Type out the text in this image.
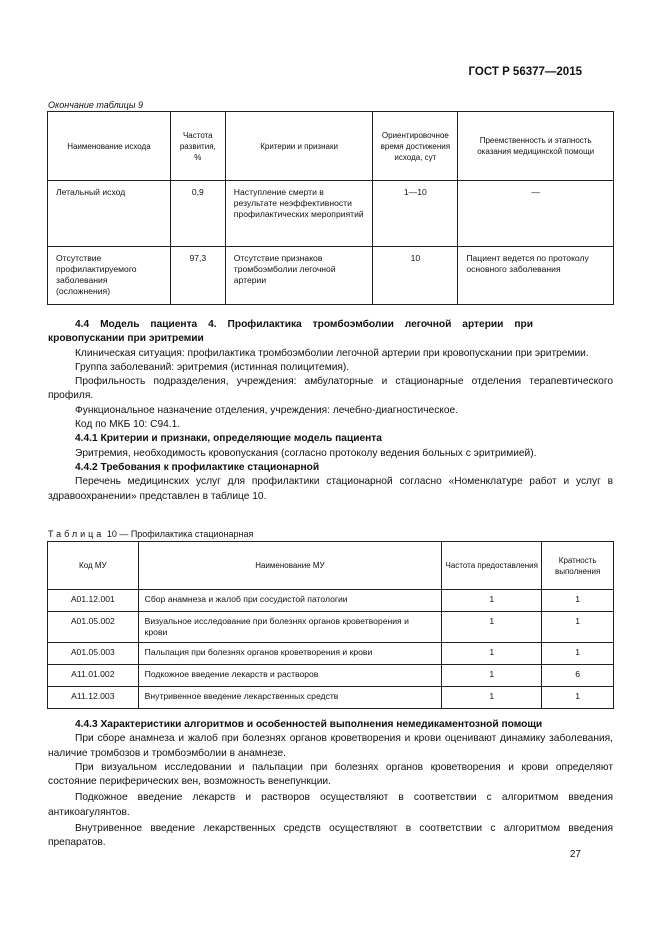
ГОСТ Р 56377—2015
Окончание таблицы 9
Наименование исхода	Частота развития, %	Критерии и признаки	Ориентировочное время достижения исхода, сут	Преемственность и этапность оказания медицинской помощи
Летальный исход	0,9	Наступление смерти в результате неэффективности профилактических мероприятий	1—10	—
Отсутствие профилактируемого заболевания (осложнения)	97,3	Отсутствие признаков тромбоэмболии легочной артерии	10	Пациент ведется по протоколу основного заболевания

4.4 Модель пациента 4. Профилактика тромбоэмболии легочной артерии при кровопускании при эритремии

Клиническая ситуация: профилактика тромбоэмболии легочной артерии при кровопускании при эритремии.

Группа заболеваний: эритремия (истинная полицитемия).

Профильность подразделения, учреждения: амбулаторные и стационарные отделения терапевтического профиля.

Функциональное назначение отделения, учреждения: лечебно-диагностическое.

Код по МКБ 10: С94.1.

4.4.1 Критерии и признаки, определяющие модель пациента

Эритремия, необходимость кровопускания (согласно протоколу ведения больных с эритримией).

4.4.2 Требования к профилактике стационарной

Перечень медицинских услуг для профилактики стационарной согласно «Номенклатуре работ и услуг в здравоохранении» представлен в таблице 10.

Таблица 10 — Профилактика стационарная
Код МУ	Наименование МУ	Частота предоставления	Кратность выполнения
А01.12.001	Сбор анамнеза и жалоб при сосудистой патологии	1	1
А01.05.002	Визуальное исследование при болезнях органов кроветворения и крови	1	1
А01.05.003	Пальпация при болезнях органов кроветворения и крови	1	1
А11.01.002	Подкожное введение лекарств и растворов	1	6
А11.12.003	Внутривенное введение лекарственных средств	1	1

4.4.3 Характеристики алгоритмов и особенностей выполнения немедикаментозной помощи

При сборе анамнеза и жалоб при болезнях органов кроветворения и крови оценивают динамику заболевания, наличие тромбозов и тромбоэмболии в анамнезе.

При визуальном исследовании и пальпации при болезнях органов кроветворения и крови определяют состояние периферических вен, возможность венепункции.

Подкожное введение лекарств и растворов осуществляют в соответствии с алгоритмом введения антикоагулянтов.

Внутривенное введение лекарственных средств осуществляют в соответствии с алгоритмом введения препаратов.

27
